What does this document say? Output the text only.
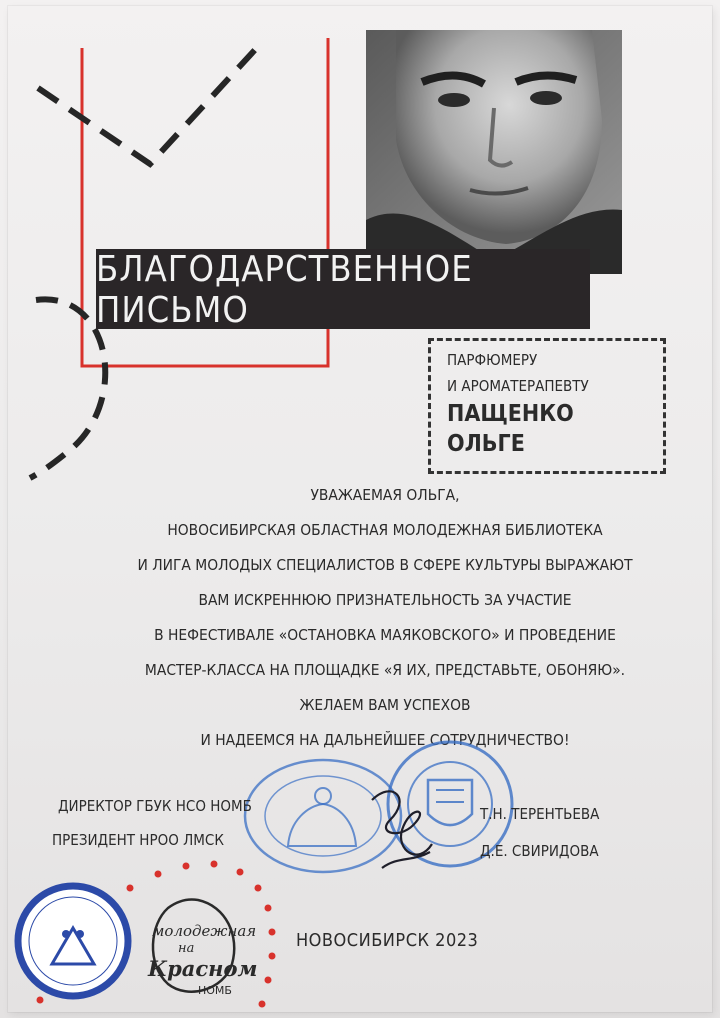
БЛАГОДАРСТВЕННОЕ ПИСЬМО
ПАРФЮМЕРУ
И АРОМАТЕРАПЕВТУ
ПАЩЕНКО
ОЛЬГЕ
УВАЖАЕМАЯ ОЛЬГА,
НОВОСИБИРСКАЯ ОБЛАСТНАЯ МОЛОДЕЖНАЯ БИБЛИОТЕКА
И ЛИГА МОЛОДЫХ СПЕЦИАЛИСТОВ В СФЕРЕ КУЛЬТУРЫ ВЫРАЖАЮТ
ВАМ ИСКРЕННЮЮ ПРИЗНАТЕЛЬНОСТЬ ЗА УЧАСТИЕ
В НЕФЕСТИВАЛЕ «ОСТАНОВКА МАЯКОВСКОГО» И ПРОВЕДЕНИЕ
МАСТЕР-КЛАССА НА ПЛОЩАДКЕ «Я ИХ, ПРЕДСТАВЬТЕ, ОБОНЯЮ».
ЖЕЛАЕМ ВАМ УСПЕХОВ
И НАДЕЕМСЯ НА ДАЛЬНЕЙШЕЕ СОТРУДНИЧЕСТВО!
ДИРЕКТОР ГБУК НСО НОМБ
ПРЕЗИДЕНТ НРОО ЛМСК
Т.Н. ТЕРЕНТЬЕВА
Д.Е. СВИРИДОВА
молодежная
на
Красном
НОМБ
НОВОСИБИРСК 2023
